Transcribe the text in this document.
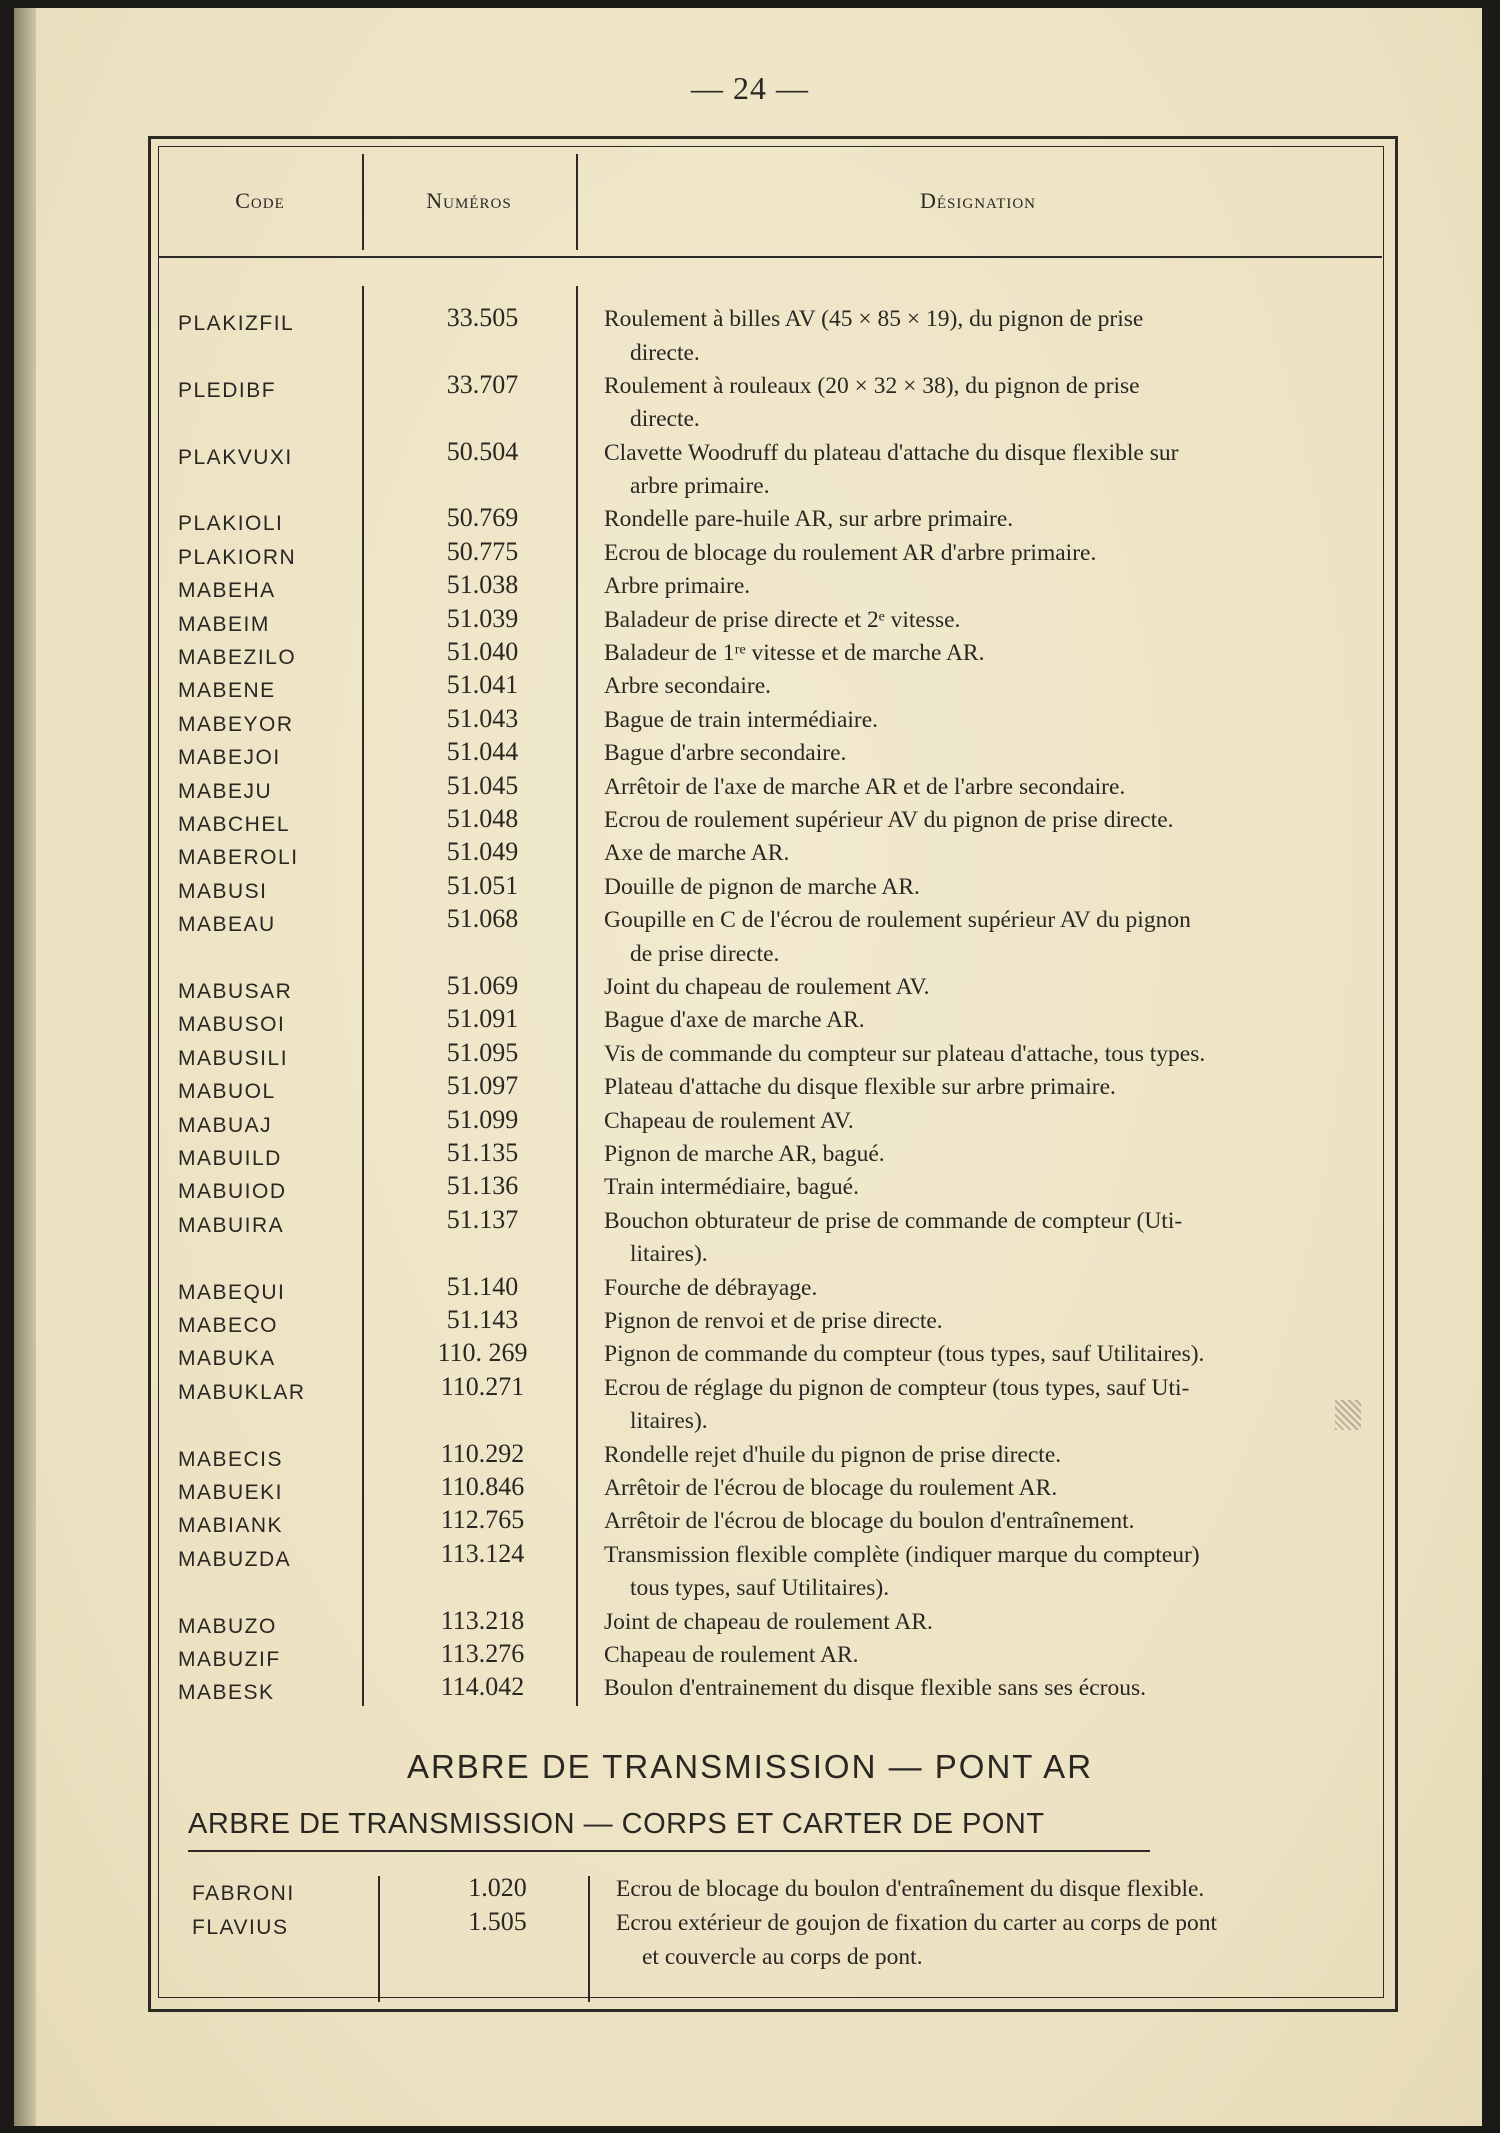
— 24 —
Code	Numéros	Désignation
PLAKIZFIL	33.505	Roulement à billes AV (45 × 85 × 19), du pignon de prise
directe.
PLEDIBF	33.707	Roulement à rouleaux (20 × 32 × 38), du pignon de prise
directe.
PLAKVUXI	50.504	Clavette Woodruff du plateau d'attache du disque flexible sur
arbre primaire.
PLAKIOLI	50.769	Rondelle pare-huile AR, sur arbre primaire.
PLAKIORN	50.775	Ecrou de blocage du roulement AR d'arbre primaire.
MABEHA	51.038	Arbre primaire.
MABEIM	51.039	Baladeur de prise directe et 2ᵉ vitesse.
MABEZILO	51.040	Baladeur de 1ʳᵉ vitesse et de marche AR.
MABENE	51.041	Arbre secondaire.
MABEYOR	51.043	Bague de train intermédiaire.
MABEJOI	51.044	Bague d'arbre secondaire.
MABEJU	51.045	Arrêtoir de l'axe de marche AR et de l'arbre secondaire.
MABCHEL	51.048	Ecrou de roulement supérieur AV du pignon de prise directe.
MABEROLI	51.049	Axe de marche AR.
MABUSI	51.051	Douille de pignon de marche AR.
MABEAU	51.068	Goupille en C de l'écrou de roulement supérieur AV du pignon
de prise directe.
MABUSAR	51.069	Joint du chapeau de roulement AV.
MABUSOI	51.091	Bague d'axe de marche AR.
MABUSILI	51.095	Vis de commande du compteur sur plateau d'attache, tous types.
MABUOL	51.097	Plateau d'attache du disque flexible sur arbre primaire.
MABUAJ	51.099	Chapeau de roulement AV.
MABUILD	51.135	Pignon de marche AR, bagué.
MABUIOD	51.136	Train intermédiaire, bagué.
MABUIRA	51.137	Bouchon obturateur de prise de commande de compteur (Uti-
litaires).
MABEQUI	51.140	Fourche de débrayage.
MABECO	51.143	Pignon de renvoi et de prise directe.
MABUKA	110. 269	Pignon de commande du compteur (tous types, sauf Utilitaires).
MABUKLAR	110.271	Ecrou de réglage du pignon de compteur (tous types, sauf Uti-
litaires).
MABECIS	110.292	Rondelle rejet d'huile du pignon de prise directe.
MABUEKI	110.846	Arrêtoir de l'écrou de blocage du roulement AR.
MABIANK	112.765	Arrêtoir de l'écrou de blocage du boulon d'entraînement.
MABUZDA	113.124	Transmission flexible complète (indiquer marque du compteur)
tous types, sauf Utilitaires).
MABUZO	113.218	Joint de chapeau de roulement AR.
MABUZIF	113.276	Chapeau de roulement AR.
MABESK	114.042	Boulon d'entrainement du disque flexible sans ses écrous.
ARBRE DE TRANSMISSION — PONT AR
ARBRE DE TRANSMISSION — CORPS ET CARTER DE PONT
FABRONI	1.020	Ecrou de blocage du boulon d'entraînement du disque flexible.
FLAVIUS	1.505	Ecrou extérieur de goujon de fixation du carter au corps de pont
et couvercle au corps de pont.
